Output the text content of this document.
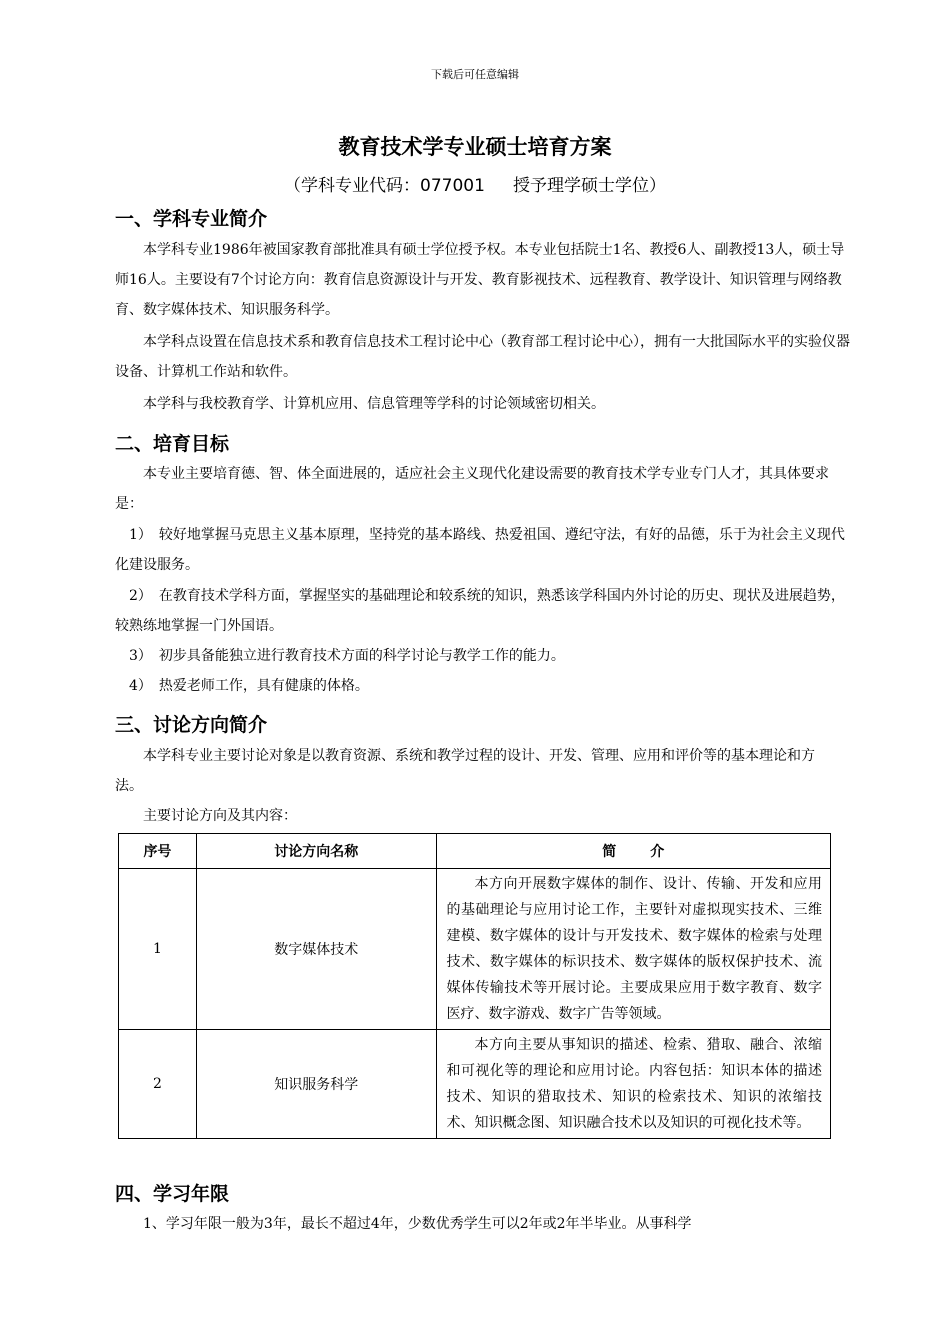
下载后可任意编辑
教育技术学专业硕士培育方案
（学科专业代码：077001 授予理学硕士学位）
一、学科专业简介

本学科专业1986年被国家教育部批准具有硕士学位授予权。本专业包括院士1名、教授6人、副教授13人，硕士导师16人。主要设有7个讨论方向：教育信息资源设计与开发、教育影视技术、远程教育、教学设计、知识管理与网络教育、数字媒体技术、知识服务科学。

本学科点设置在信息技术系和教育信息技术工程讨论中心（教育部工程讨论中心），拥有一大批国际水平的实验仪器设备、计算机工作站和软件。

本学科与我校教育学、计算机应用、信息管理等学科的讨论领域密切相关。

二、培育目标

本专业主要培育德、智、体全面进展的，适应社会主义现代化建设需要的教育技术学专业专门人才，其具体要求是：

1）　 较好地掌握马克思主义基本原理，坚持党的基本路线、热爱祖国、遵纪守法，有好的品德，乐于为社会主义现代化建设服务。

2）　 在教育技术学科方面，掌握坚实的基础理论和较系统的知识，熟悉该学科国内外讨论的历史、现状及进展趋势，较熟练地掌握一门外国语。

3）　 初步具备能独立进行教育技术方面的科学讨论与教学工作的能力。

4）　 热爱老师工作，具有健康的体格。

三、讨论方向简介

本学科专业主要讨论对象是以教育资源、系统和教学过程的设计、开发、管理、应用和评价等的基本理论和方法。

主要讨论方向及其内容：

序号	讨论方向名称	简介
1	数字媒体技术	本方向开展数字媒体的制作、设计、传输、开发和应用的基础理论与应用讨论工作，主要针对虚拟现实技术、三维建模、数字媒体的设计与开发技术、数字媒体的检索与处理技术、数字媒体的标识技术、数字媒体的版权保护技术、流媒体传输技术等开展讨论。主要成果应用于数字教育、数字医疗、数字游戏、数字广告等领域。

2	知识服务科学	本方向主要从事知识的描述、检索、猎取、融合、浓缩和可视化等的理论和应用讨论。内容包括：知识本体的描述技术、知识的猎取技术、知识的检索技术、知识的浓缩技术、知识概念图、知识融合技术以及知识的可视化技术等。
四、学习年限

1、学习年限一般为3年，最长不超过4年，少数优秀学生可以2年或2年半毕业。从事科学
